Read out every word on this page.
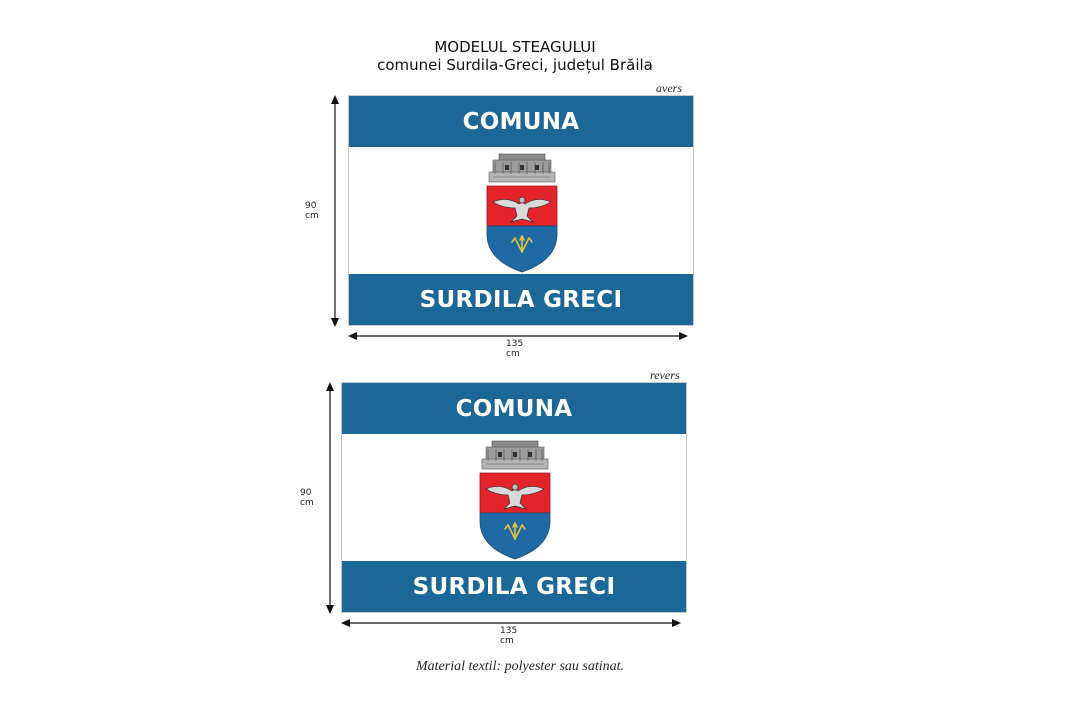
MODELUL STEAGULUI
comunei Surdila-Greci, județul Brăila
avers
COMUNA
SURDILA GRECI
90 cm
135 cm
revers
COMUNA
SURDILA GRECI
90 cm
135 cm
Material textil: polyester sau satinat.
